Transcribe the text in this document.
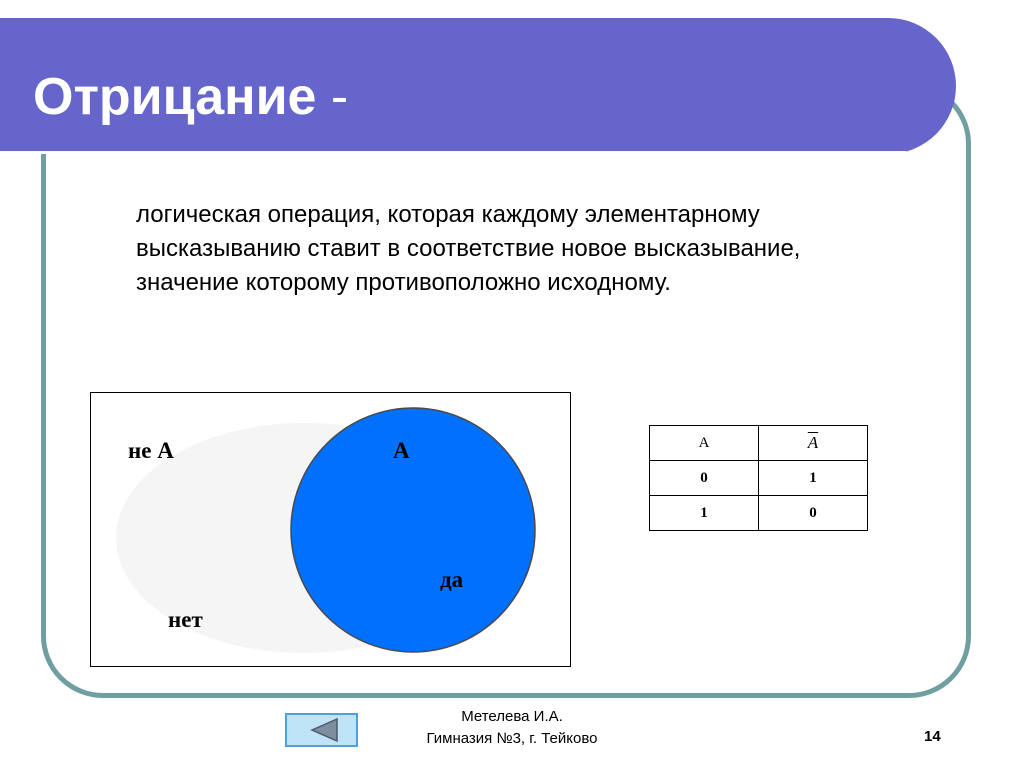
Отрицание -

логическая операция, которая каждому элементарному высказыванию ставит в соответствие новое высказывание, значение которому противоположно исходному.

не А	А
да
нет
А	$\overline{A}$
0	1
1	0

Метелева И.А.
Гимназия №3, г. Тейково	14
